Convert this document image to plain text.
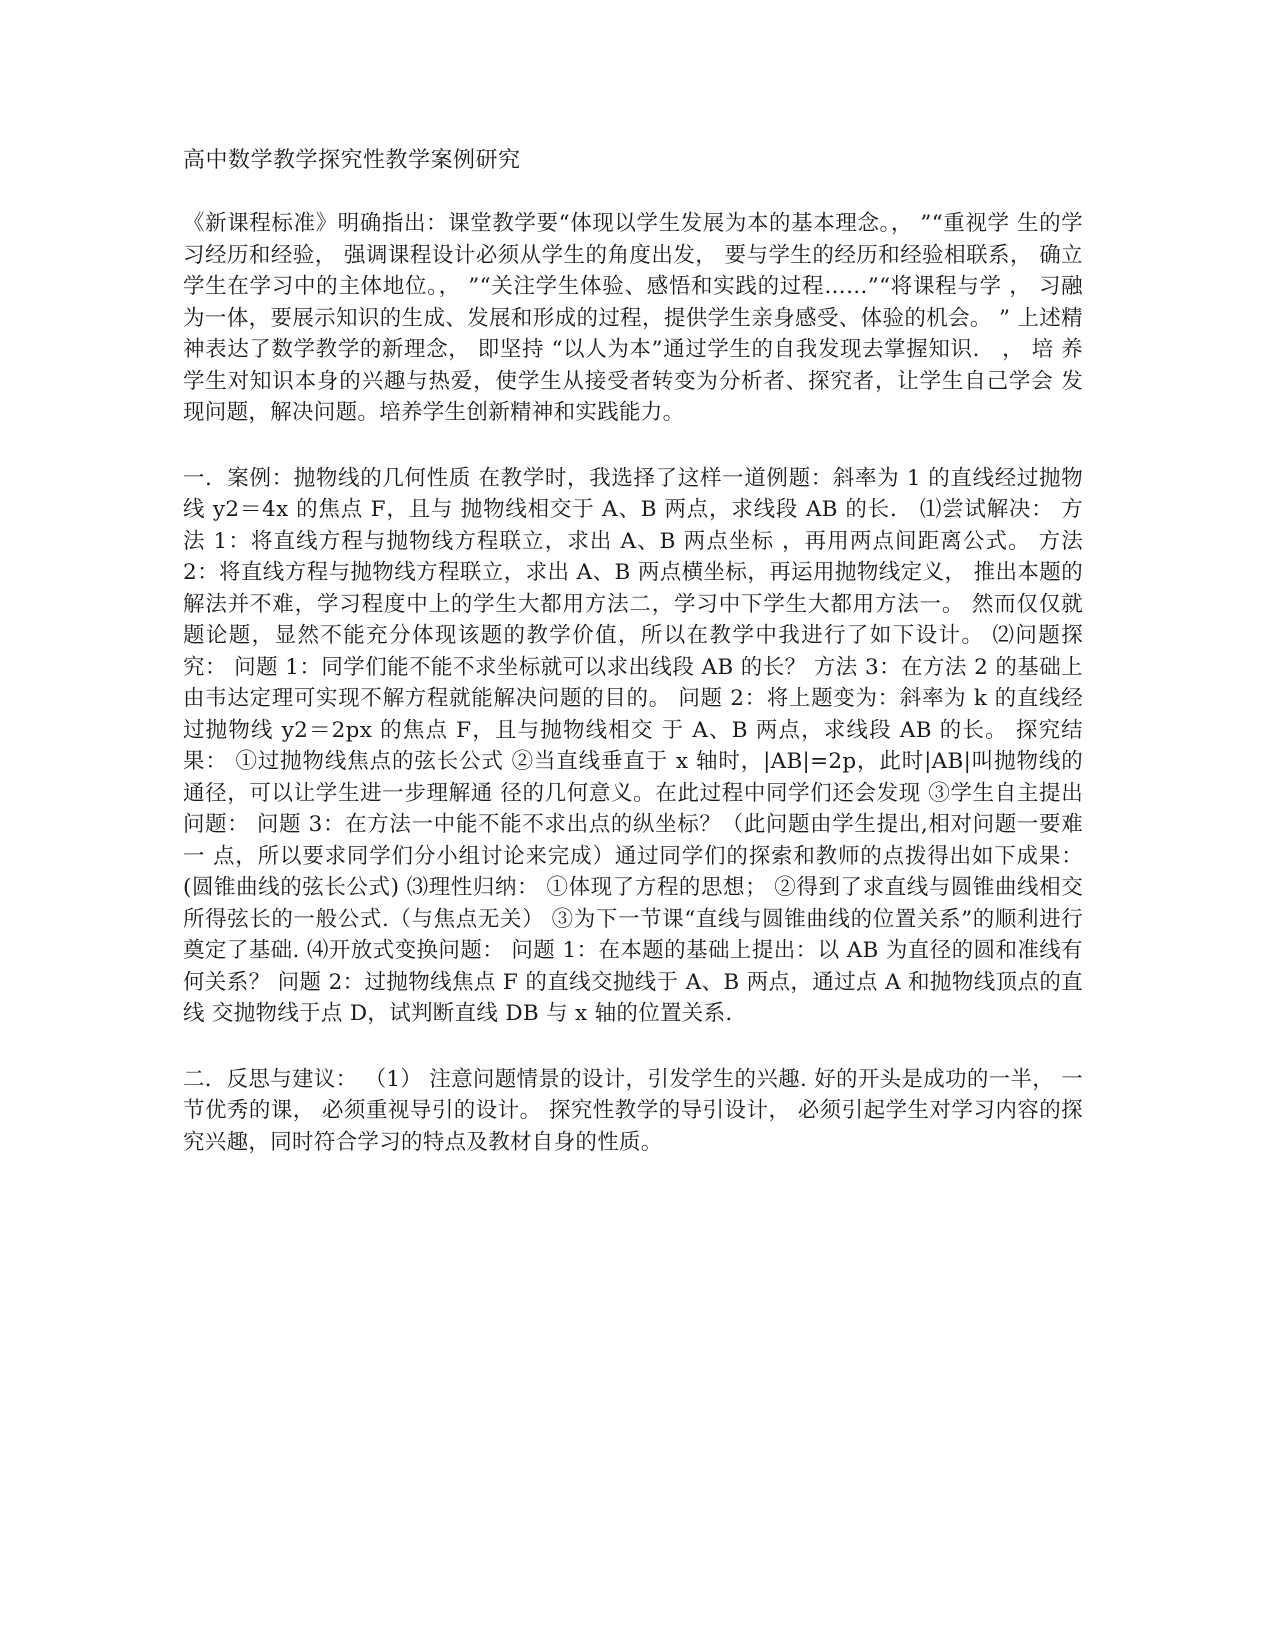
高中数学教学探究性教学案例研究

《新课程标准》明确指出：课堂教学要“体现以学生发展为本的基本理念。， ”“重视学 生的学习经历和经验， 强调课程设计必须从学生的角度出发， 要与学生的经历和经验相联系， 确立学生在学习中的主体地位。， ”“关注学生体验、感悟和实践的过程……”“将课程与学 ， 习融为一体，要展示知识的生成、发展和形成的过程，提供学生亲身感受、体验的机会。 ” 上述精神表达了数学教学的新理念， 即坚持 “以人为本”通过学生的自我发现去掌握知识． ， 培 养学生对知识本身的兴趣与热爱，使学生从接受者转变为分析者、探究者，让学生自己学会 发现问题，解决问题。培养学生创新精神和实践能力。

一．案例：抛物线的几何性质 在教学时，我选择了这样一道例题：斜率为 1 的直线经过抛物线 y2＝4x 的焦点 F，且与 抛物线相交于 A、B 两点，求线段 AB 的长． ⑴尝试解决： 方法 1：将直线方程与抛物线方程联立，求出 A、B 两点坐标 ，再用两点间距离公式。 方法 2：将直线方程与抛物线方程联立，求出 A、B 两点横坐标，再运用抛物线定义， 推出本题的解法并不难，学习程度中上的学生大都用方法二，学习中下学生大都用方法一。 然而仅仅就题论题，显然不能充分体现该题的教学价值，所以在教学中我进行了如下设计。 ⑵问题探究： 问题 1：同学们能不能不求坐标就可以求出线段 AB 的长？ 方法 3：在方法 2 的基础上由韦达定理可实现不解方程就能解决问题的目的。 问题 2：将上题变为：斜率为 k 的直线经过抛物线 y2＝2px 的焦点 F，且与抛物线相交 于 A、B 两点，求线段 AB 的长。 探究结果： ①过抛物线焦点的弦长公式 ②当直线垂直于 x 轴时，|AB|=2p，此时|AB|叫抛物线的通径，可以让学生进一步理解通 径的几何意义。在此过程中同学们还会发现 ③学生自主提出问题： 问题 3：在方法一中能不能不求出点的纵坐标？（此问题由学生提出,相对问题一要难一 点，所以要求同学们分小组讨论来完成）通过同学们的探索和教师的点拨得出如下成果： (圆锥曲线的弦长公式) ⑶理性归纳： ①体现了方程的思想； ②得到了求直线与圆锥曲线相交所得弦长的一般公式.（与焦点无关） ③为下一节课“直线与圆锥曲线的位置关系”的顺利进行奠定了基础. ⑷开放式变换问题： 问题 1：在本题的基础上提出：以 AB 为直径的圆和准线有何关系？ 问题 2：过抛物线焦点 F 的直线交抛线于 A、B 两点，通过点 A 和抛物线顶点的直线 交抛物线于点 D，试判断直线 DB 与 x 轴的位置关系.

二．反思与建议： （1） 注意问题情景的设计，引发学生的兴趣. 好的开头是成功的一半， 一节优秀的课， 必须重视导引的设计。 探究性教学的导引设计， 必须引起学生对学习内容的探究兴趣，同时符合学习的特点及教材自身的性质。
